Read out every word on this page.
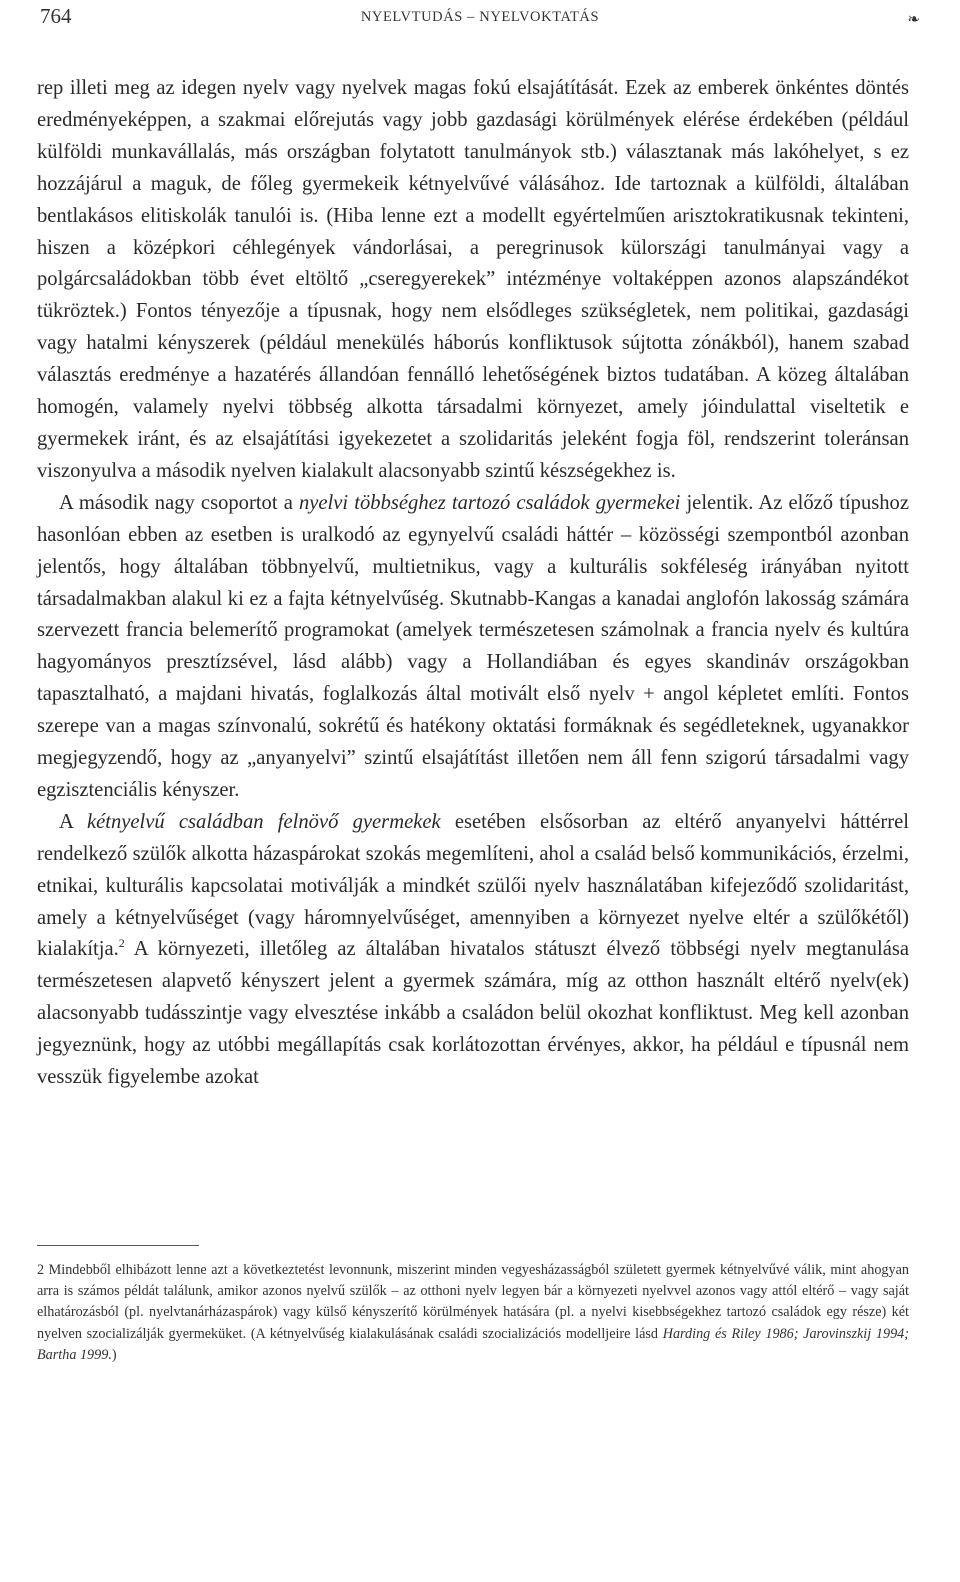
764	NYELVTUDÁS – NYELVOKTATÁS	❧

rep illeti meg az idegen nyelv vagy nyelvek magas fokú elsajátítását. Ezek az emberek önkéntes döntés eredményeképpen, a szakmai előrejutás vagy jobb gazdasági körülmények elérése érdekében (például külföldi munkavállalás, más országban folytatott tanulmányok stb.) választanak más lakóhelyet, s ez hozzájárul a maguk, de főleg gyermekeik kétnyelvűvé válásához. Ide tartoznak a külföldi, általában bentlakásos elitiskolák tanulói is. (Hiba lenne ezt a modellt egyértelműen arisztokratikusnak tekinteni, hiszen a középkori céhlegények vándorlásai, a peregrinusok külországi tanulmányai vagy a polgárcsaládokban több évet eltöltő „cseregyerekek” intézménye voltaképpen azonos alapszándékot tükröztek.) Fontos tényezője a típusnak, hogy nem elsődleges szükségletek, nem politikai, gazdasági vagy hatalmi kényszerek (például menekülés háborús konfliktusok sújtotta zónákból), hanem szabad választás eredménye a hazatérés állandóan fennálló lehetőségének biztos tudatában. A közeg általában homogén, valamely nyelvi többség alkotta társadalmi környezet, amely jóindulattal viseltetik e gyermekek iránt, és az elsajátítási igyekezetet a szolidaritás jeleként fogja föl, rendszerint toleránsan viszonyulva a második nyelven kialakult alacsonyabb szintű készségekhez is.

A második nagy csoportot a nyelvi többséghez tartozó családok gyermekei jelentik. Az előző típushoz hasonlóan ebben az esetben is uralkodó az egynyelvű családi háttér – közösségi szempontból azonban jelentős, hogy általában többnyelvű, multietnikus, vagy a kulturális sokféleség irányában nyitott társadalmakban alakul ki ez a fajta kétnyelvűség. Skutnabb-Kangas a kanadai anglofón lakosság számára szervezett francia belemerítő programokat (amelyek természetesen számolnak a francia nyelv és kultúra hagyományos presztízsével, lásd alább) vagy a Hollandiában és egyes skandináv országokban tapasztalható, a majdani hivatás, foglalkozás által motivált első nyelv + angol képletet említi. Fontos szerepe van a magas színvonalú, sokrétű és hatékony oktatási formáknak és segédleteknek, ugyanakkor megjegyzendő, hogy az „anyanyelvi” szintű elsajátítást illetően nem áll fenn szigorú társadalmi vagy egzisztenciális kényszer.

A kétnyelvű családban felnövő gyermekek esetében elsősorban az eltérő anyanyelvi háttérrel rendelkező szülők alkotta házaspárokat szokás megemlíteni, ahol a család belső kommunikációs, érzelmi, etnikai, kulturális kapcsolatai motiválják a mindkét szülői nyelv használatában kifejeződő szolidaritást, amely a kétnyelvűséget (vagy háromnyelvűséget, amennyiben a környezet nyelve eltér a szülőkétől) kialakítja.$^2$ A környezeti, illetőleg az általában hivatalos státuszt élvező többségi nyelv megtanulása természetesen alapvető kényszert jelent a gyermek számára, míg az otthon használt eltérő nyelv(ek) alacsonyabb tudásszintje vagy elvesztése inkább a családon belül okozhat konfliktust. Meg kell azonban jegyeznünk, hogy az utóbbi megállapítás csak korlátozottan érvényes, akkor, ha például e típusnál nem vesszük figyelembe azokat

2 Mindebből elhibázott lenne azt a következtetést levonnunk, miszerint minden vegyesházasságból született gyermek kétnyelvűvé válik, mint ahogyan arra is számos példát találunk, amikor azonos nyelvű szülők – az otthoni nyelv legyen bár a környezeti nyelvvel azonos vagy attól eltérő – vagy saját elhatározásból (pl. nyelvtanárházaspárok) vagy külső kényszerítő körülmények hatására (pl. a nyelvi kisebbségekhez tartozó családok egy része) két nyelven szocializálják gyermeküket. (A kétnyelvűség kialakulásának családi szocializációs modelljeire lásd Harding és Riley 1986; Jarovinszkij 1994; Bartha 1999.)
